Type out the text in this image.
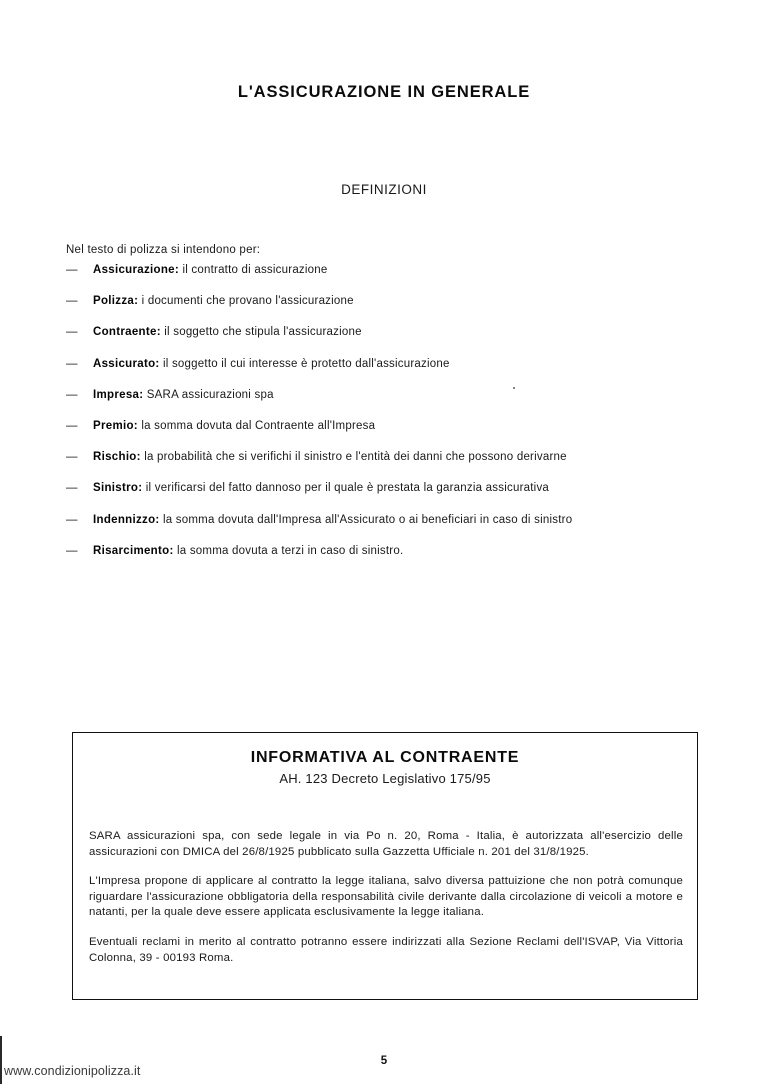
L'ASSICURAZIONE IN GENERALE
DEFINIZIONI

Nel testo di polizza si intendono per:

— Assicurazione: il contratto di assicurazione
— Polizza: i documenti che provano l'assicurazione
— Contraente: il soggetto che stipula l'assicurazione
— Assicurato: il soggetto il cui interesse è protetto dall'assicurazione
— Impresa: SARA assicurazioni spa
— Premio: la somma dovuta dal Contraente all'Impresa
— Rischio: la probabilità che si verifichi il sinistro e l'entità dei danni che possono derivarne
— Sinistro: il verificarsi del fatto dannoso per il quale è prestata la garanzia assicurativa
— Indennizzo: la somma dovuta dall'Impresa all'Assicurato o ai beneficiari in caso di sinistro
— Risarcimento: la somma dovuta a terzi in caso di sinistro.
INFORMATIVA AL CONTRAENTE
AH. 123 Decreto Legislativo 175/95

SARA assicurazioni spa, con sede legale in via Po n. 20, Roma - Italia, è autorizzata all'esercizio delle assicurazioni con DMICA del 26/8/1925 pubblicato sulla Gazzetta Ufficiale n. 201 del 31/8/1925.

L'Impresa propone di applicare al contratto la legge italiana, salvo diversa pattuizione che non potrà comunque riguardare l'assicurazione obbligatoria della responsabilità civile derivante dalla circolazione di veicoli a motore e natanti, per la quale deve essere applicata esclusivamente la legge italiana.

Eventuali reclami in merito al contratto potranno essere indirizzati alla Sezione Reclami dell'ISVAP, Via Vittoria Colonna, 39 - 00193 Roma.

5
www.condizionipolizza.it
